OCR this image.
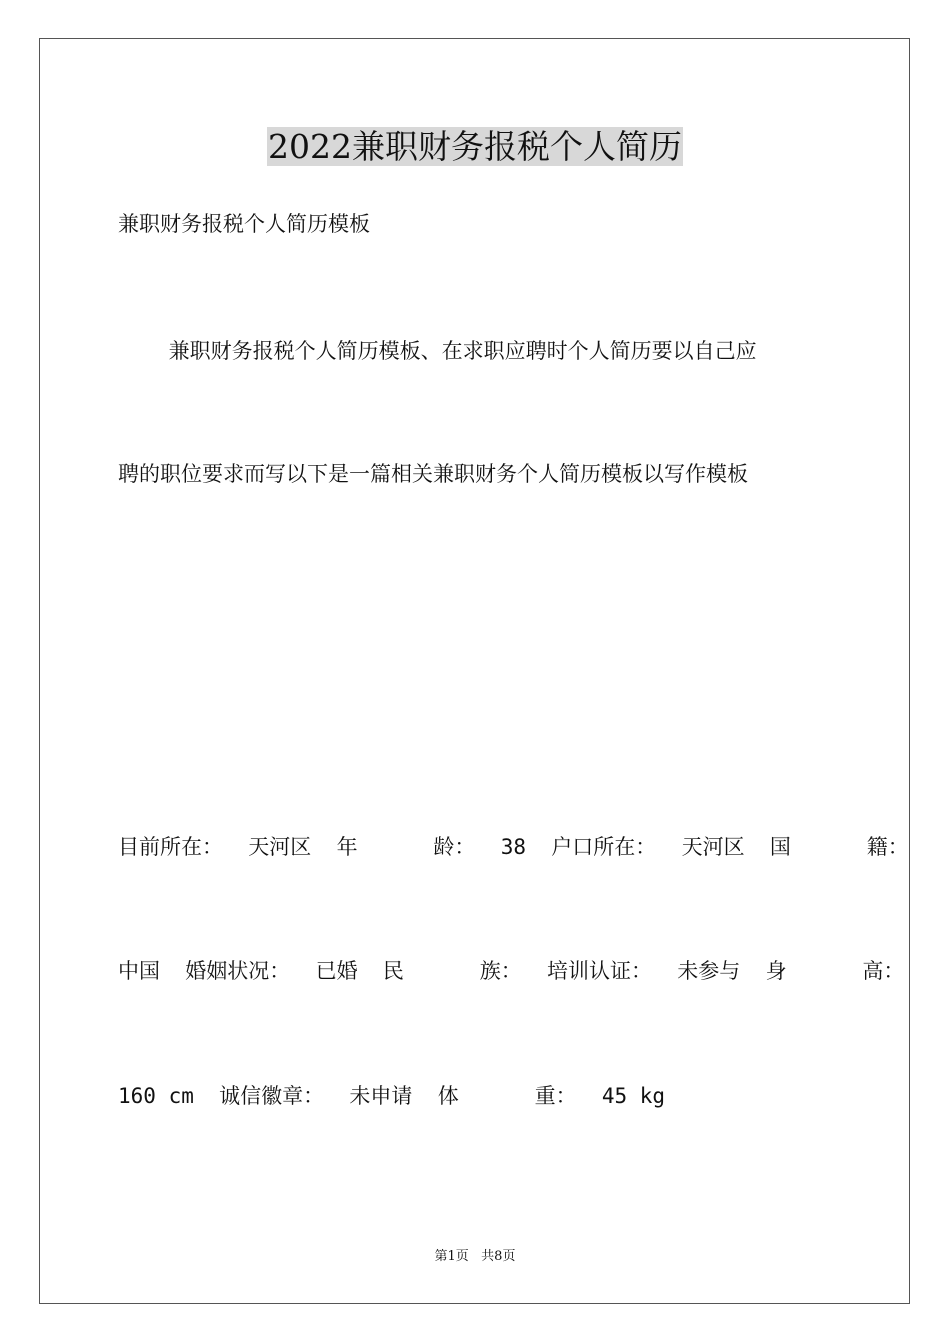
2022兼职财务报税个人简历
兼职财务报税个人简历模板
兼职财务报税个人简历模板、在求职应聘时个人简历要以自己应
聘的职位要求而写以下是一篇相关兼职财务个人简历模板以写作模板
目前所在：  天河区  年      龄：  38  户口所在：  天河区  国      籍：
中国  婚姻状况：  已婚  民      族：  培训认证：  未参与  身      高：
160 cm  诚信徽章：  未申请  体      重：  45 kg
第1页   共8页
